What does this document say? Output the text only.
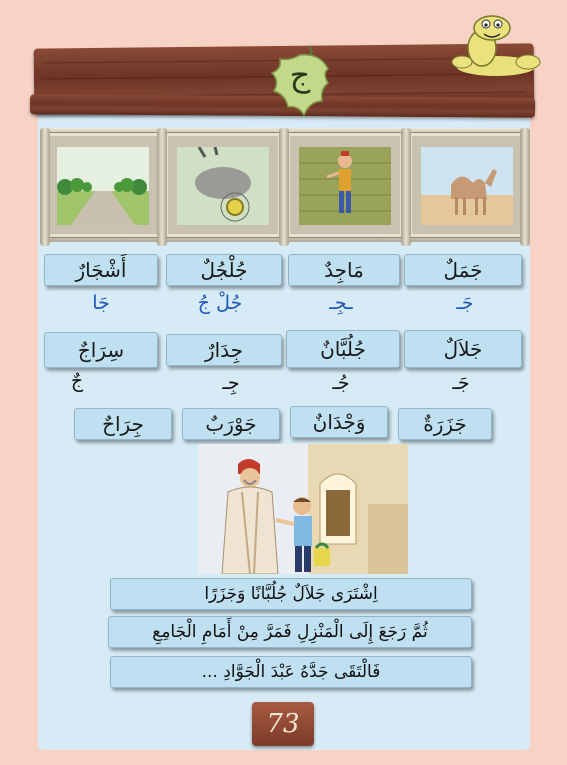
ج
جَمَلٌ
مَاجِدٌ
جُلْجُلٌ
أَشْجَارٌ
جَـ
ـجِـ
جُلْ جُ
جَا
جَلاَلٌ
جُلُبَّانٌ
جِدَارٌ
سِرَاجٌ
جَـ
جُـ
جِـ
جٌ
جَزَرَةٌ
وَجْدَانٌ
جَوْرَبٌ
جِرَاحٌ
اِشْتَرَى جَلاَلٌ جُلُبَّانًا وَجَزَرًا
ثُمَّ رَجَعَ إِلَى الْمَنْزِلِ فَمَرَّ مِنْ أَمَامِ الْجَامِعِ
فَالْتَقَى جَدَّهُ عَبْدَ الْجَوَّادِ ...
73
